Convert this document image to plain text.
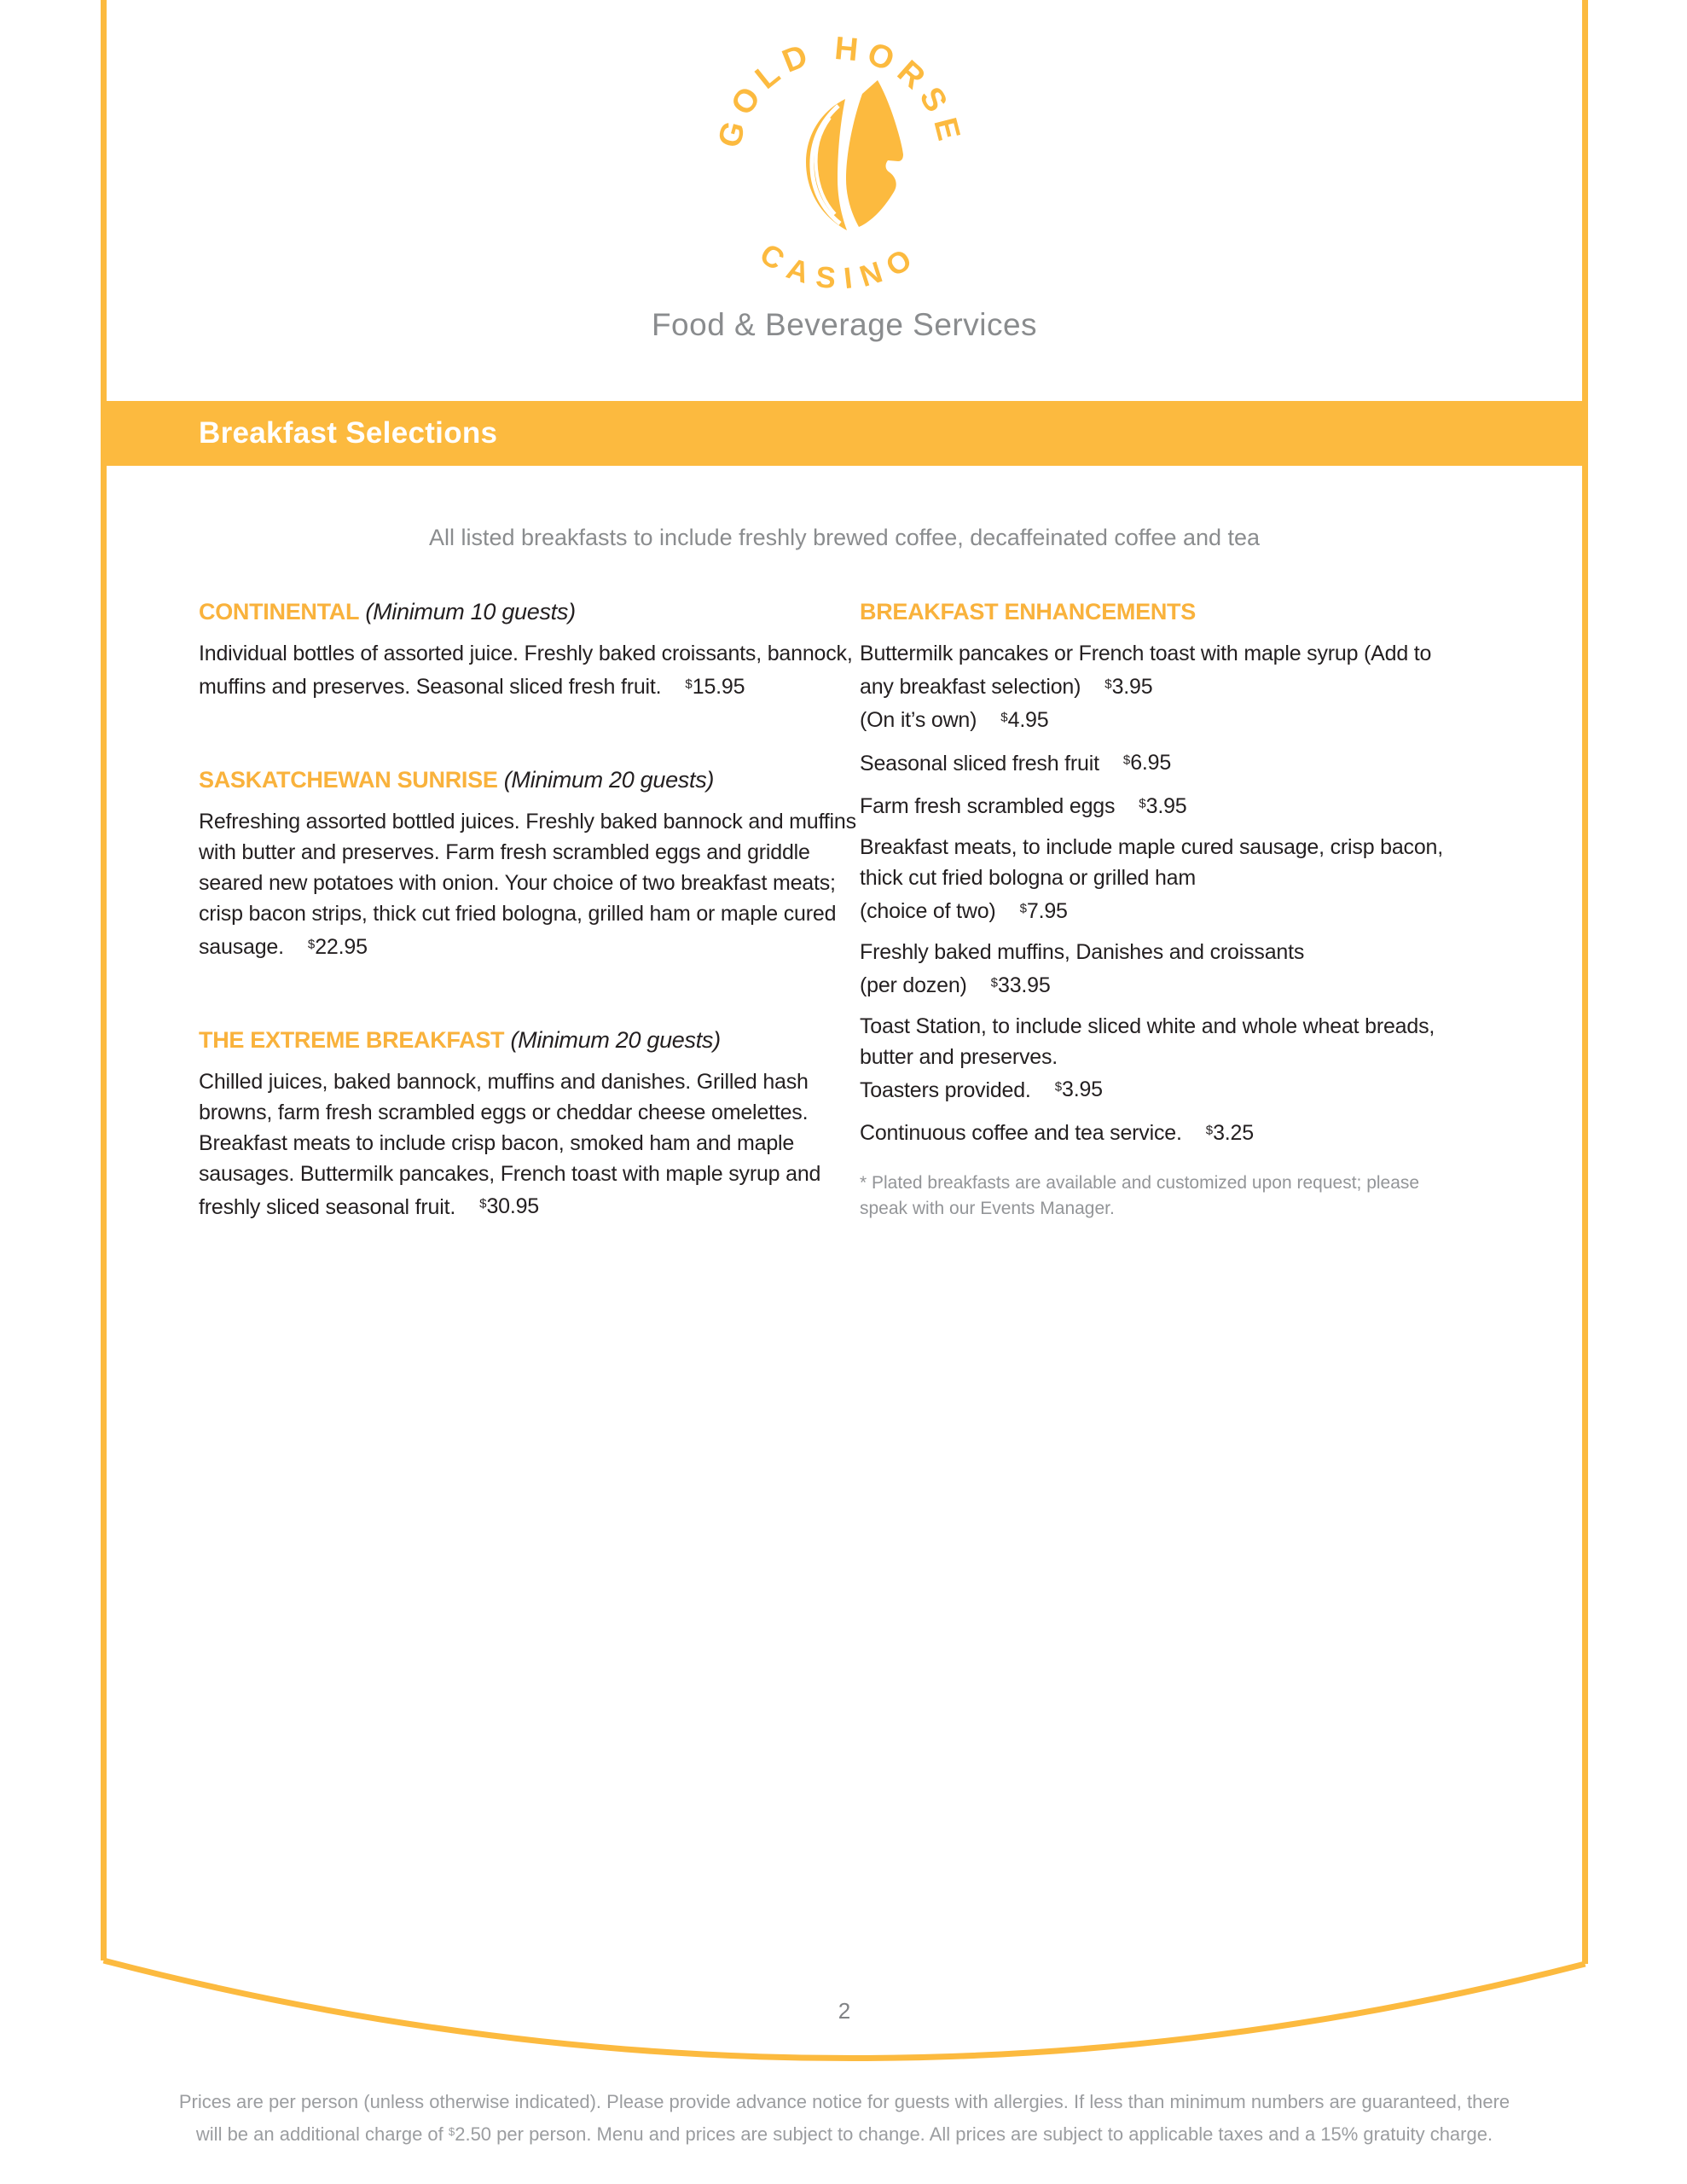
GOLD HORSE
CASINO
Food & Beverage Services
Breakfast Selections
All listed breakfasts to include freshly brewed coffee, decaffeinated coffee and tea
CONTINENTAL (Minimum 10 guests)
Individual bottles of assorted juice. Freshly baked croissants, bannock, muffins and preserves. Seasonal sliced fresh fruit. $15.95
SASKATCHEWAN SUNRISE (Minimum 20 guests)
Refreshing assorted bottled juices. Freshly baked bannock and muffins with butter and preserves. Farm fresh scrambled eggs and griddle seared new potatoes with onion. Your choice of two breakfast meats; crisp bacon strips, thick cut fried bologna, grilled ham or maple cured sausage. $22.95
THE EXTREME BREAKFAST (Minimum 20 guests)
Chilled juices, baked bannock, muffins and danishes. Grilled hash browns, farm fresh scrambled eggs or cheddar cheese omelettes. Breakfast meats to include crisp bacon, smoked ham and maple sausages. Buttermilk pancakes, French toast with maple syrup and freshly sliced seasonal fruit. $30.95
BREAKFAST ENHANCEMENTS
Buttermilk pancakes or French toast with maple syrup (Add to any breakfast selection) $3.95
(On it’s own) $4.95
Seasonal sliced fresh fruit $6.95
Farm fresh scrambled eggs $3.95
Breakfast meats, to include maple cured sausage, crisp bacon, thick cut fried bologna or grilled ham
(choice of two) $7.95
Freshly baked muffins, Danishes and croissants
(per dozen) $33.95
Toast Station, to include sliced white and whole wheat breads, butter and preserves.
Toasters provided. $3.95
Continuous coffee and tea service. $3.25
* Plated breakfasts are available and customized upon request; please speak with our Events Manager.
2
Prices are per person (unless otherwise indicated). Please provide advance notice for guests with allergies. If less than minimum numbers are guaranteed, there
will be an additional charge of $2.50 per person. Menu and prices are subject to change. All prices are subject to applicable taxes and a 15% gratuity charge.
